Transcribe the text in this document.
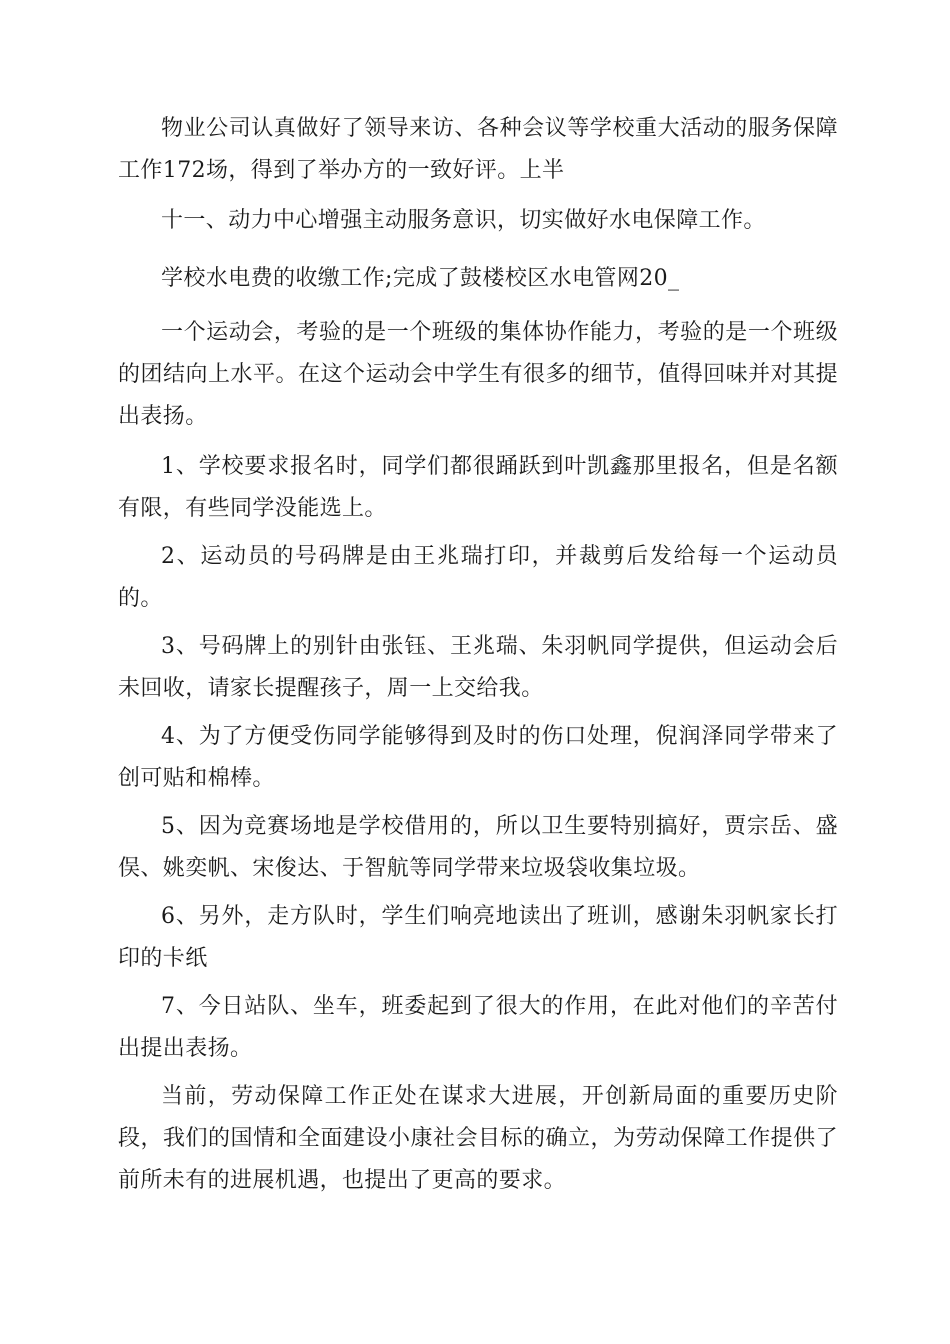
物业公司认真做好了领导来访、各种会议等学校重大活动的服务保障工作172场，得到了举办方的一致好评。上半

十一、动力中心增强主动服务意识，切实做好水电保障工作。

学校水电费的收缴工作;完成了鼓楼校区水电管网20_

一个运动会，考验的是一个班级的集体协作能力，考验的是一个班级的团结向上水平。在这个运动会中学生有很多的细节，值得回味并对其提出表扬。

1、学校要求报名时，同学们都很踊跃到叶凯鑫那里报名，但是名额有限，有些同学没能选上。

2、运动员的号码牌是由王兆瑞打印，并裁剪后发给每一个运动员的。

3、号码牌上的别针由张钰、王兆瑞、朱羽帆同学提供，但运动会后未回收，请家长提醒孩子，周一上交给我。

4、为了方便受伤同学能够得到及时的伤口处理，倪润泽同学带来了创可贴和棉棒。

5、因为竞赛场地是学校借用的，所以卫生要特别搞好，贾宗岳、盛俣、姚奕帆、宋俊达、于智航等同学带来垃圾袋收集垃圾。

6、另外，走方队时，学生们响亮地读出了班训，感谢朱羽帆家长打印的卡纸

7、今日站队、坐车，班委起到了很大的作用，在此对他们的辛苦付出提出表扬。

当前，劳动保障工作正处在谋求大进展，开创新局面的重要历史阶段，我们的国情和全面建设小康社会目标的确立，为劳动保障工作提供了前所未有的进展机遇，也提出了更高的要求。
